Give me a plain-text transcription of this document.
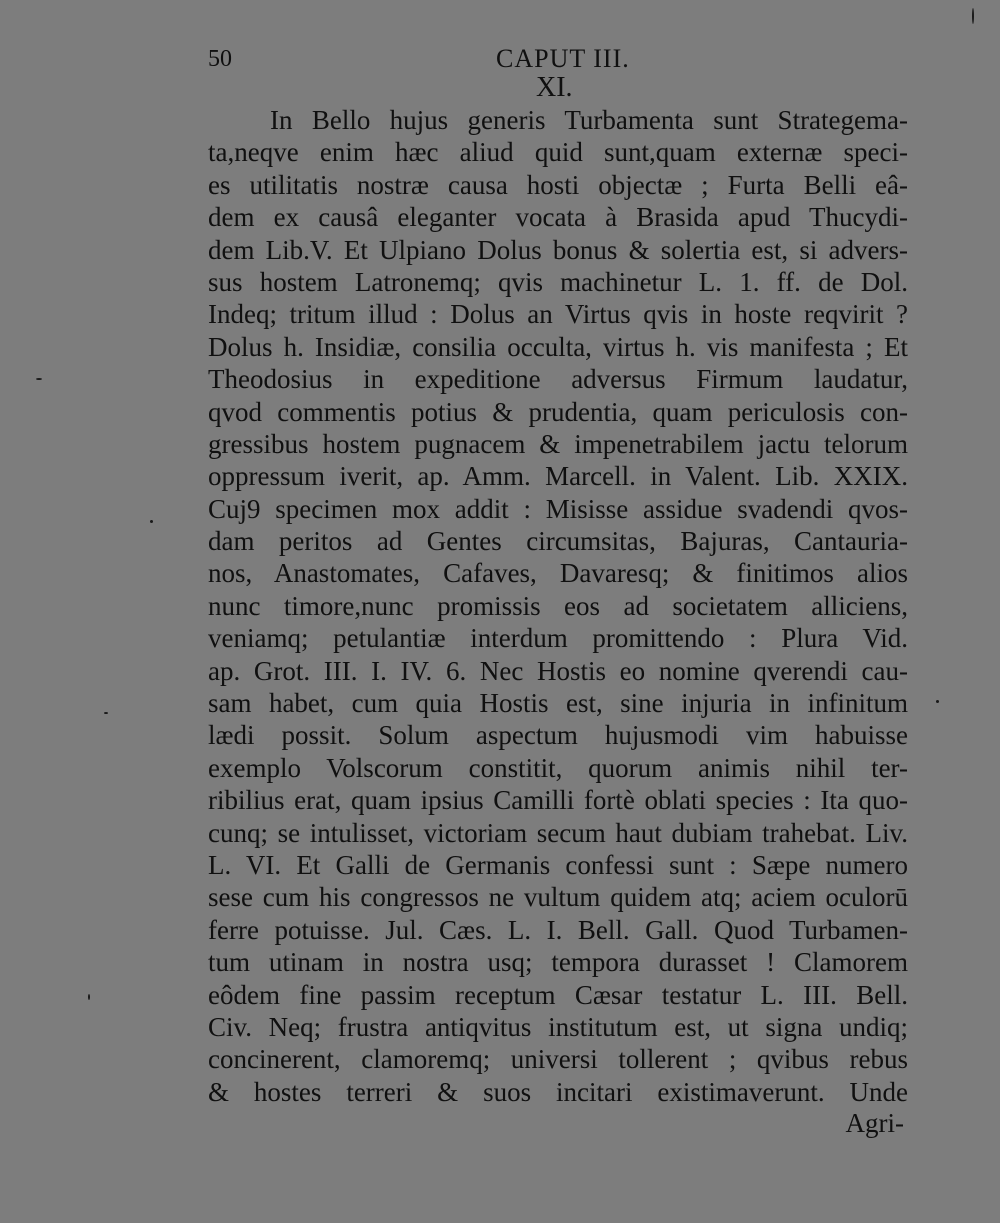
50	CAPUT III.
XI.
In Bello hujus generis Turbamenta sunt Strategema-
ta,neqve enim hæc aliud quid sunt,quam externæ speci-
es utilitatis nostræ causa hosti objectæ ; Furta Belli eâ-
dem ex causâ eleganter vocata à Brasida apud Thucydi-
dem Lib.V. Et Ulpiano Dolus bonus & solertia est, si advers-
sus hostem Latronemq; qvis machinetur L. 1. ff. de Dol.
Indeq; tritum illud : Dolus an Virtus qvis in hoste reqvirit ?
Dolus h. Insidiæ, consilia occulta, virtus h. vis manifesta ; Et
Theodosius in expeditione adversus Firmum laudatur,
qvod commentis potius & prudentia, quam periculosis con-
gressibus hostem pugnacem & impenetrabilem jactu telorum
oppressum iverit, ap. Amm. Marcell. in Valent. Lib. XXIX.
Cuj9 specimen mox addit : Misisse assidue svadendi qvos-
dam peritos ad Gentes circumsitas, Bajuras, Cantauria-
nos, Anastomates, Cafaves, Davaresq; & finitimos alios
nunc timore,nunc promissis eos ad societatem alliciens,
veniamq; petulantiæ interdum promittendo : Plura Vid.
ap. Grot. III. I. IV. 6. Nec Hostis eo nomine qverendi cau-
sam habet, cum quia Hostis est, sine injuria in infinitum
lædi possit. Solum aspectum hujusmodi vim habuisse
exemplo Volscorum constitit, quorum animis nihil ter-
ribilius erat, quam ipsius Camilli fortè oblati species : Ita quo-
cunq; se intulisset, victoriam secum haut dubiam trahebat. Liv.
L. VI. Et Galli de Germanis confessi sunt : Sæpe numero
sese cum his congressos ne vultum quidem atq; aciem oculorū
ferre potuisse. Jul. Cæs. L. I. Bell. Gall. Quod Turbamen-
tum utinam in nostra usq; tempora durasset ! Clamorem
eôdem fine passim receptum Cæsar testatur L. III. Bell.
Civ. Neq; frustra antiqvitus institutum est, ut signa undiq;
concinerent, clamoremq; universi tollerent ; qvibus rebus
& hostes terreri & suos incitari existimaverunt. Unde
Agri-
